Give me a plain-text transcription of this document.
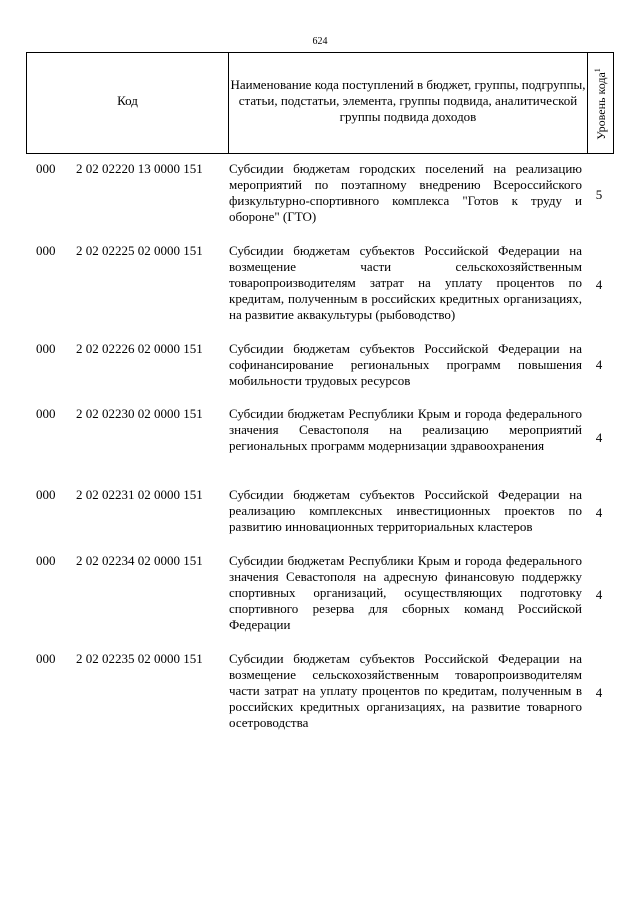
624
Код
Наименование кода поступлений в бюджет, группы, подгруппы, статьи, подстатьи, элемента, группы подвида, аналитической группы подвида доходов	Уровень кода$^1$
000 2 02 02220 13 0000 151 Субсидии бюджетам городских поселений на реализацию мероприятий по поэтапному внедрению Всероссийского физкультурно-спортивного комплекса "Готов к труду и обороне" (ГТО)
5
000 2 02 02225 02 0000 151 Субсидии бюджетам субъектов Российской Федерации на возмещение части сельскохозяйственным товаропроизводителям затрат на уплату процентов по кредитам, полученным в российских кредитных организациях, на развитие аквакультуры (рыбоводство)
4
000 2 02 02226 02 0000 151 Субсидии бюджетам субъектов Российской Федерации на софинансирование региональных программ повышения мобильности трудовых ресурсов
4
000 2 02 02230 02 0000 151 Субсидии бюджетам Республики Крым и города федерального значения Севастополя на реализацию мероприятий региональных программ модернизации здравоохранения
4
000 2 02 02231 02 0000 151 Субсидии бюджетам субъектов Российской Федерации на реализацию комплексных инвестиционных проектов по развитию инновационных территориальных кластеров
4
000 2 02 02234 02 0000 151 Субсидии бюджетам Республики Крым и города федерального значения Севастополя на адресную финансовую поддержку спортивных организаций, осуществляющих подготовку спортивного резерва для сборных команд Российской Федерации
4
000 2 02 02235 02 0000 151 Субсидии бюджетам субъектов Российской Федерации на возмещение сельскохозяйственным товаропроизводителям части затрат на уплату процентов по кредитам, полученным в российских кредитных организациях, на развитие товарного осетроводства
4
